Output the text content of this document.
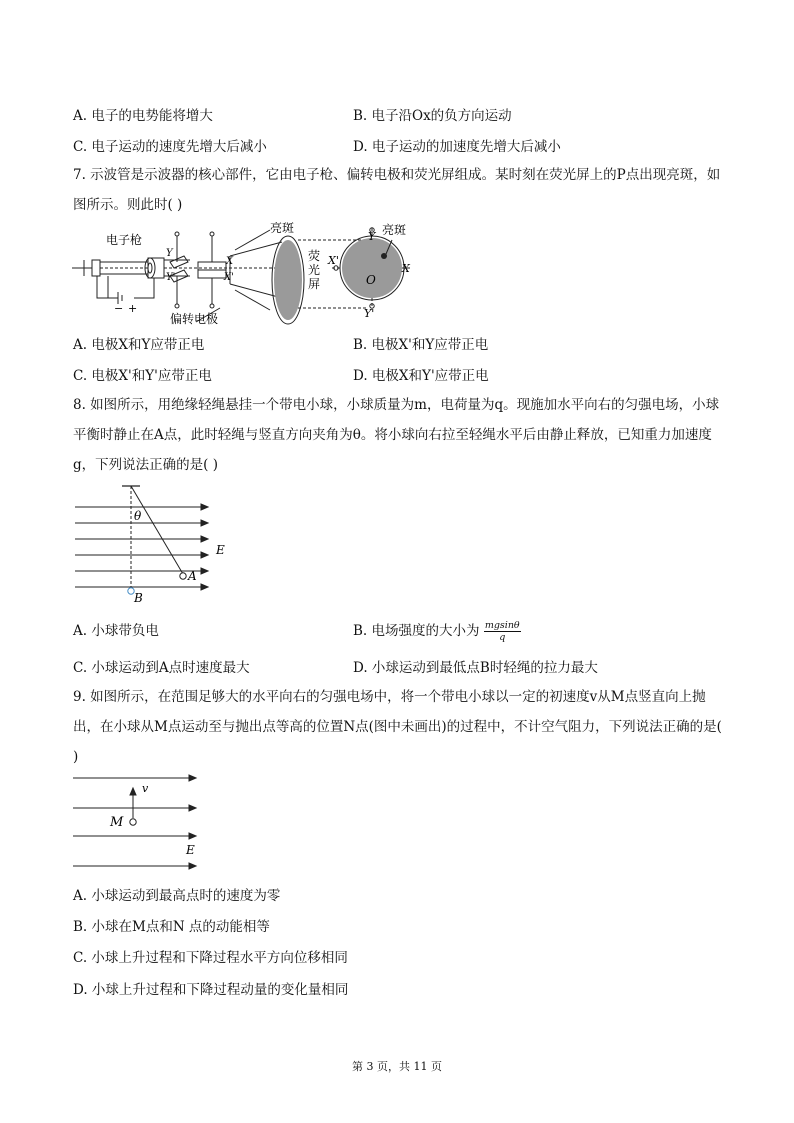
A. 电子的电势能将增大	B. 电子沿Ox的负方向运动
C. 电子运动的速度先增大后减小	D. 电子运动的加速度先增大后减小
7. 示波管是示波器的核心部件，它由电子枪、偏转电极和荧光屏组成。某时刻在荧光屏上的P点出现亮斑，如图所示。则此时( )
电子枪
偏转电极
亮斑	亮斑
荧
光
屏
Y
Y'
X'
X
O
Y
Y'
X
X'
− +
A. 电极X和Y应带正电	B. 电极X'和Y应带正电
C. 电极X'和Y'应带正电	D. 电极X和Y'应带正电
8. 如图所示，用绝缘轻绳悬挂一个带电小球，小球质量为m，电荷量为q。现施加水平向右的匀强电场，小球平衡时静止在A点，此时轻绳与竖直方向夹角为θ。将小球向右拉至轻绳水平后由静止释放，已知重力加速度g，下列说法正确的是( )
θ
E
A
B
A. 小球带负电	B. 电场强度的大小为 $\frac{mgsin\theta}{q}$
C. 小球运动到A点时速度最大	D. 小球运动到最低点B时轻绳的拉力最大
9. 如图所示，在范围足够大的水平向右的匀强电场中，将一个带电小球以一定的初速度v从M点竖直向上抛出，在小球从M点运动至与抛出点等高的位置N点(图中未画出)的过程中，不计空气阻力，下列说法正确的是( )
v
M
E
A. 小球运动到最高点时的速度为零
B. 小球在M点和N 点的动能相等
C. 小球上升过程和下降过程水平方向位移相同
D. 小球上升过程和下降过程动量的变化量相同
第 3 页，共 11 页
